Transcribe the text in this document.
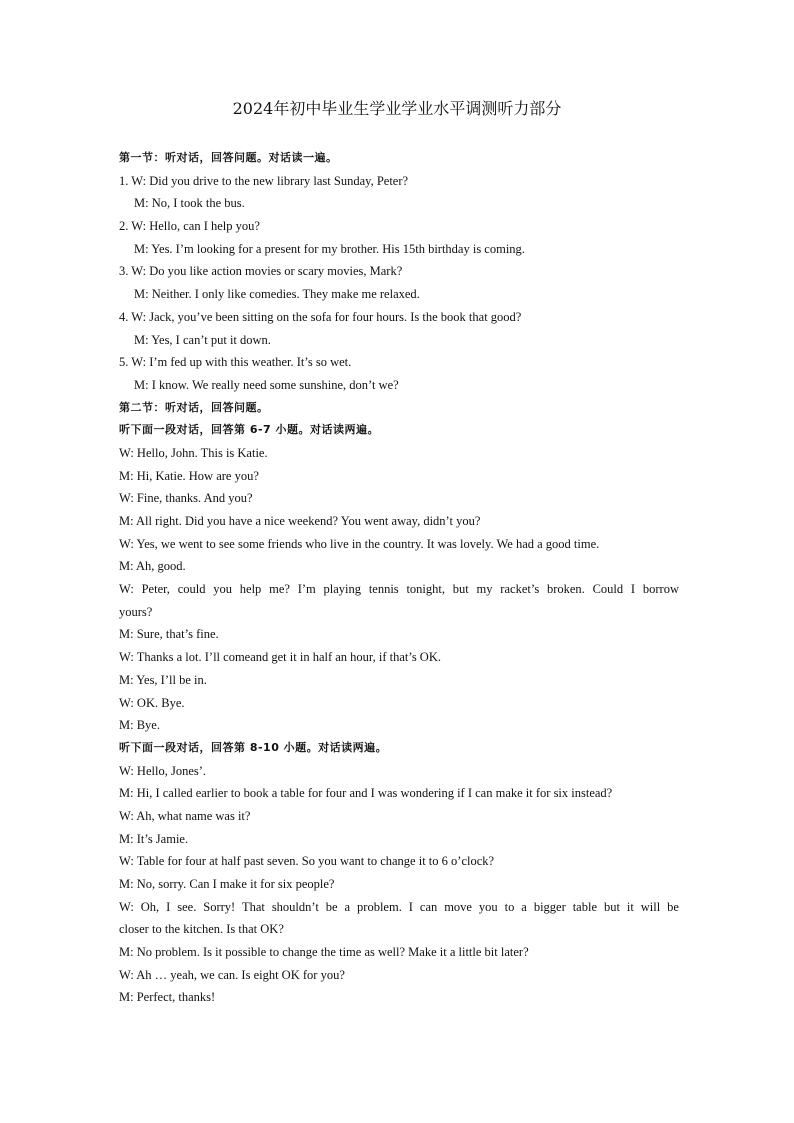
2024年初中毕业生学业学业水平调测听力部分
第一节：听对话，回答问题。对话读一遍。
1. W: Did you drive to the new library last Sunday, Peter?
M: No, I took the bus.
2. W: Hello, can I help you?
M: Yes. I’m looking for a present for my brother. His 15th birthday is coming.
3. W: Do you like action movies or scary movies, Mark?
M: Neither. I only like comedies. They make me relaxed.
4. W: Jack, you’ve been sitting on the sofa for four hours. Is the book that good?
M: Yes, I can’t put it down.
5. W: I’m fed up with this weather. It’s so wet.
M: I know. We really need some sunshine, don’t we?
第二节：听对话，回答问题。
听下面一段对话，回答第 6-7 小题。对话读两遍。
W: Hello, John. This is Katie.
M: Hi, Katie. How are you?
W: Fine, thanks. And you?
M: All right. Did you have a nice weekend? You went away, didn’t you?
W: Yes, we went to see some friends who live in the country. It was lovely. We had a good time.
M: Ah, good.
W: Peter, could you help me? I’m playing tennis tonight, but my racket’s broken. Could I borrow
yours?
M: Sure, that’s fine.
W: Thanks a lot. I’ll comeand get it in half an hour, if that’s OK.
M: Yes, I’ll be in.
W: OK. Bye.
M: Bye.
听下面一段对话，回答第 8-10 小题。对话读两遍。
W: Hello, Jones’.
M: Hi, I called earlier to book a table for four and I was wondering if I can make it for six instead?
W: Ah, what name was it?
M: It’s Jamie.
W: Table for four at half past seven. So you want to change it to 6 o’clock?
M: No, sorry. Can I make it for six people?
W: Oh, I see. Sorry! That shouldn’t be a problem. I can move you to a bigger table but it will be
closer to the kitchen. Is that OK?
M: No problem. Is it possible to change the time as well? Make it a little bit later?
W: Ah … yeah, we can. Is eight OK for you?
M: Perfect, thanks!
